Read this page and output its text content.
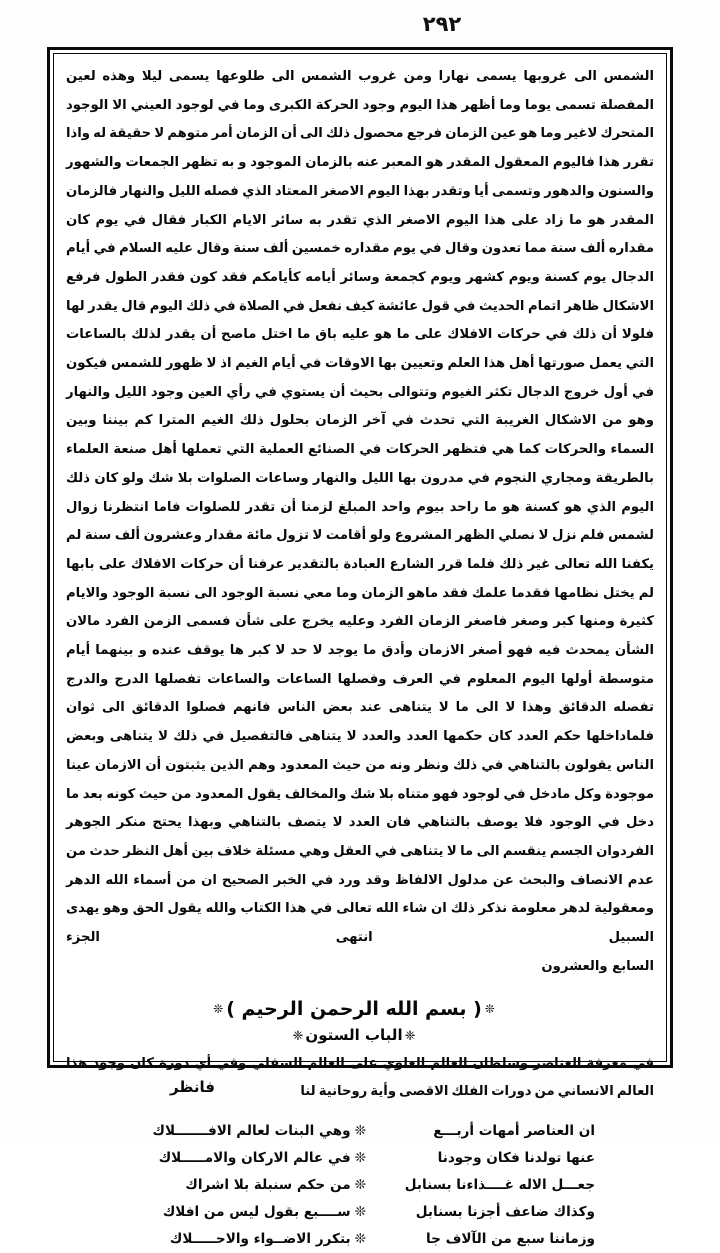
٢٩٢

الشمس الى غروبها يسمى نهارا ومن غروب الشمس الى طلوعها يسمى ليلا وهذه لعين المفصلة تسمى يوما وما أظهر هذا اليوم وجود الحركة الكبرى وما في لوجود العيني الا الوجود المتحرك لاغير وما هو عين الزمان فرجع محصول ذلك الى أن الزمان أمر متوهم لا حقيقة له واذا تقرر هذا فاليوم المعقول المقدر هو المعبر عنه بالزمان الموجود و به تظهر الجمعات والشهور والسنون والدهور وتسمى أيا وتقدر بهذا اليوم الاصغر المعتاد الذي فصله الليل والنهار فالزمان المقدر هو ما زاد على هذا اليوم الاصغر الذي تقدر به سائر الايام الكبار فقال في يوم كان مقداره ألف سنة مما تعدون وقال في يوم مقداره خمسين ألف سنة وقال عليه السلام في أيام الدجال يوم كسنة ويوم كشهر ويوم كجمعة وسائر أيامه كأيامكم فقد كون فقدر الطول فرفع الاشكال ظاهر اتمام الحديث في قول عائشة كيف نفعل في الصلاة في ذلك اليوم قال يقدر لها فلولا أن ذلك في حركات الافلاك على ما هو عليه باق ما اختل ماصح أن يقدر لذلك بالساعات التي يعمل صورتها أهل هذا العلم وتعيين بها الاوقات في أيام الغيم اذ لا ظهور للشمس فيكون في أول خروج الدجال تكثر الغيوم وتتوالى بحيث أن يستوي في رأي العين وجود الليل والنهار وهو من الاشكال الغريبة التي تحدث في آخر الزمان بحلول ذلك الغيم المترا كم بيننا وبين السماء والحركات كما هي فتظهر الحركات في الصنائع العملية التي تعملها أهل صنعة العلماء بالطريقة ومجاري النجوم في مدرون بها الليل والنهار وساعات الصلوات بلا شك ولو كان ذلك اليوم الذي هو كسنة هو ما راحد بيوم واحد المبلغ لزمنا أن تقدر للصلوات فاما انتظرنا زوال لشمس فلم نزل لا نصلي الظهر المشروع ولو أقامت لا تزول مائة مقدار وعشرون ألف سنة لم يكفنا الله تعالى غير ذلك فلما قرر الشارع العبادة بالتقدير عرفنا أن حركات الافلاك على بابها لم يختل نظامها فقدما علمك فقد ماهو الزمان وما معي نسبة الوجود الى نسبة الوجود والايام كثيرة ومنها كبر وصغر فاصغر الزمان الفرد وعليه يخرج على شأن فسمى الزمن الفرد مالان الشأن يمحدث فيه فهو أصغر الازمان وأدق ما يوجد لا حد لا كبر ها يوقف عنده و بينهما أيام متوسطة أولها اليوم المعلوم في العرف وفصلها الساعات والساعات تفصلها الدرج والدرج تفصله الدقائق وهذا لا الى ما لا يتناهى عند بعض الناس فانهم فصلوا الدقائق الى ثوان فلماداخلها حكم العدد كان حكمها العدد والعدد لا يتناهى فالتفصيل في ذلك لا يتناهى وبعض الناس يقولون بالتناهي في ذلك ونظر ونه من حيث المعدود وهم الذين يثبتون أن الازمان عينا موجودة وكل مادخل في لوجود فهو متناه بلا شك والمخالف يقول المعدود من حيث كونه بعد ما دخل في الوجود فلا يوصف بالتناهي فان العدد لا يتصف بالتناهي وبهذا يحتج منكر الجوهر الفردوان الجسم ينقسم الى ما لا يتناهى في العقل وهي مسئلة خلاف بين أهل النظر حدث من عدم الانصاف والبحث عن مدلول الالفاظ وقد ورد في الخبر الصحيح ان من أسماء الله الدهر ومعقولية لدهر معلومة نذكر ذلك ان شاء الله تعالى في هذا الكتاب والله يقول الحق وهو يهدى السبيل انتهى الجزء

السابع والعشرون
❊( بسم الله الرحمن الرحيم )❊
❈الباب الستون❈
في معرفة العناصر وسلطان العالم العلوي على العالم السفلي وفي أي دورة كان وجود هذا العالم الانساني من دورات الفلك الاقصى وأية روحانية لنا
ان العناصر أمهات أربـــع	❊	وهي البنات لعالم الافـــــــلاك
عنها تولدنا فكان وجودنا	❊	في عالم الاركان والامـــــلاك
جعـــل الاله غــــذاءنا بسنابل	❊	من حكم سنبلة بلا اشراك
وكذاك ضاعف أجزنا بسنابل	❊	ســــبع بقول ليس من افلاك
وزماننا سبع من الآلاف جا	❊	بتكرر الاضــواء والاحـــــلاك
فانظر
